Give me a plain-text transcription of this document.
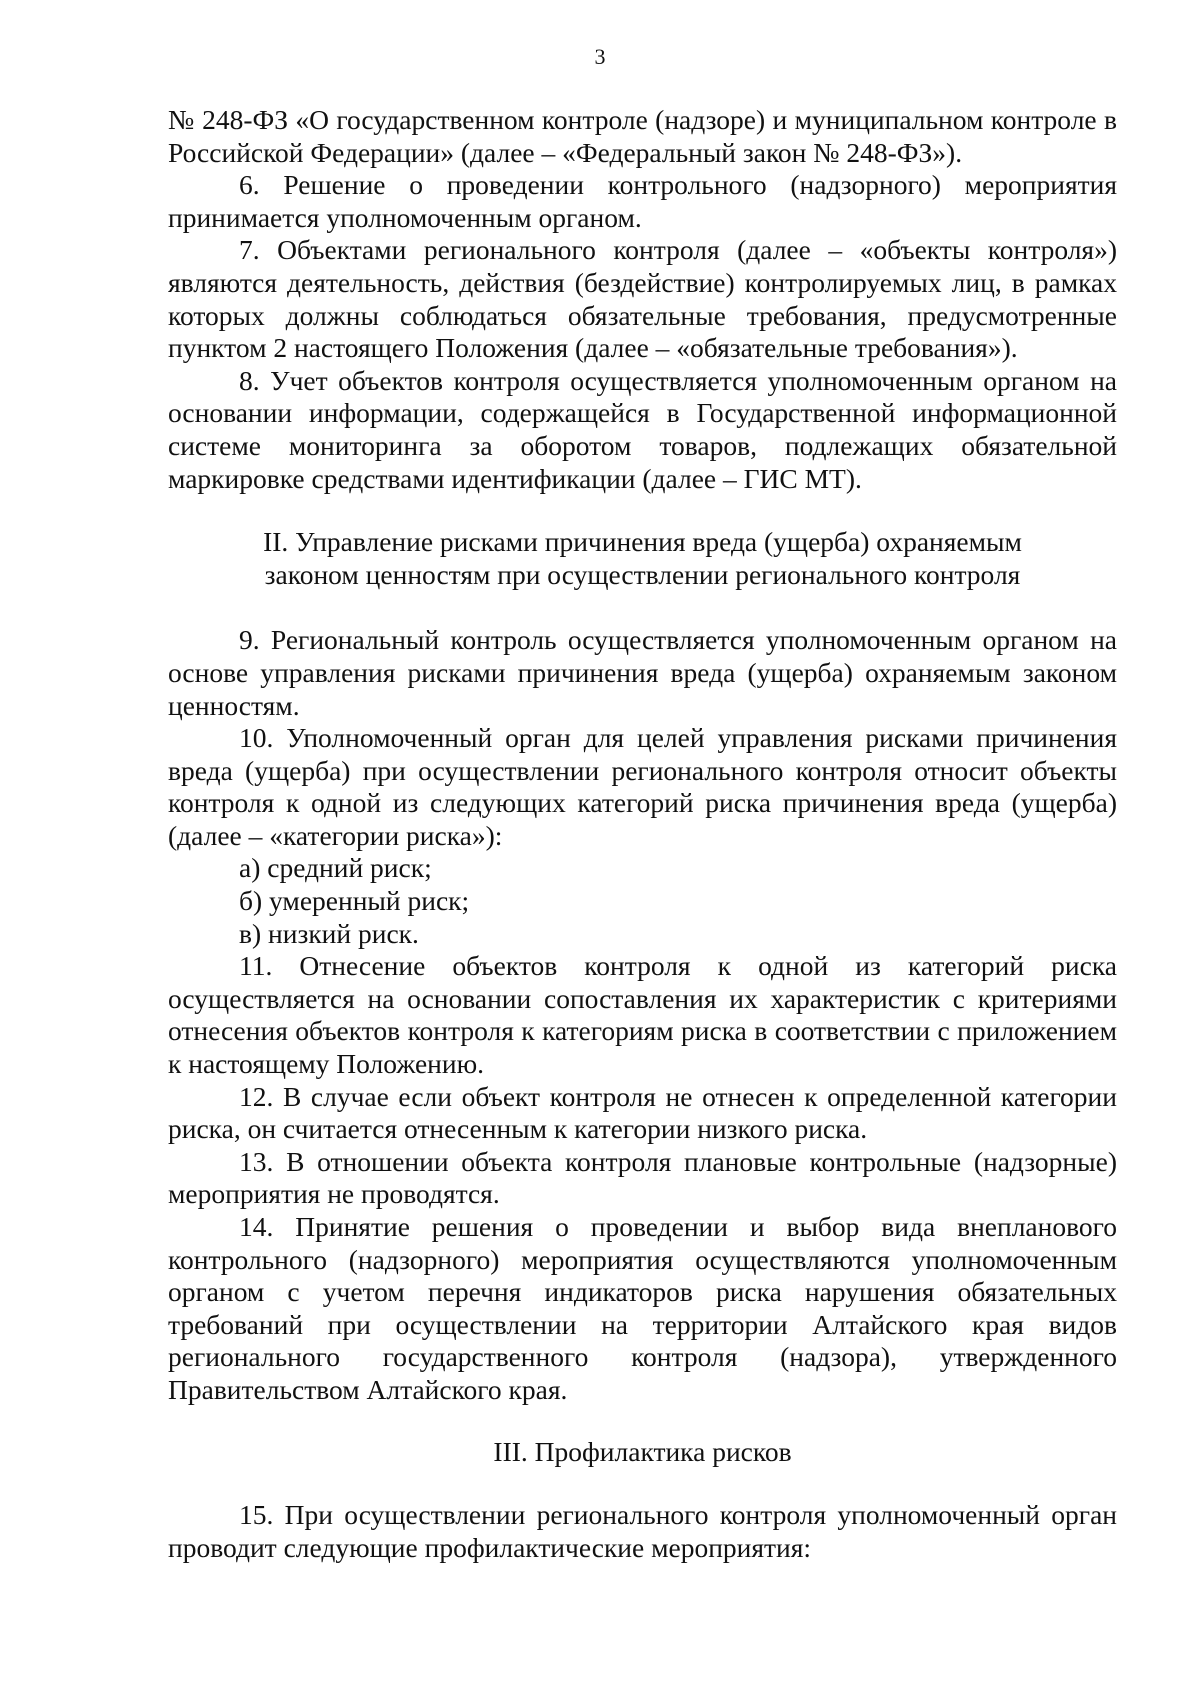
3

№ 248-ФЗ «О государственном контроле (надзоре) и муниципальном контроле в Российской Федерации» (далее – «Федеральный закон № 248-ФЗ»).

6. Решение о проведении контрольного (надзорного) мероприятия принимается уполномоченным органом.

7. Объектами регионального контроля (далее – «объекты контроля») являются деятельность, действия (бездействие) контролируемых лиц, в рамках которых должны соблюдаться обязательные требования, предусмотренные пунктом 2 настоящего Положения (далее – «обязательные требования»).

8. Учет объектов контроля осуществляется уполномоченным органом на основании информации, содержащейся в Государственной информационной системе мониторинга за оборотом товаров, подлежащих обязательной маркировке средствами идентификации (далее – ГИС МТ).

II. Управление рисками причинения вреда (ущерба) охраняемым законом ценностям при осуществлении регионального контроля

9. Региональный контроль осуществляется уполномоченным органом на основе управления рисками причинения вреда (ущерба) охраняемым законом ценностям.

10. Уполномоченный орган для целей управления рисками причинения вреда (ущерба) при осуществлении регионального контроля относит объекты контроля к одной из следующих категорий риска причинения вреда (ущерба) (далее – «категории риска»):

а) средний риск;

б) умеренный риск;

в) низкий риск.

11. Отнесение объектов контроля к одной из категорий риска осуществляется на основании сопоставления их характеристик с критериями отнесения объектов контроля к категориям риска в соответствии с приложением к настоящему Положению.

12. В случае если объект контроля не отнесен к определенной категории риска, он считается отнесенным к категории низкого риска.

13. В отношении объекта контроля плановые контрольные (надзорные) мероприятия не проводятся.

14. Принятие решения о проведении и выбор вида внепланового контрольного (надзорного) мероприятия осуществляются уполномоченным органом с учетом перечня индикаторов риска нарушения обязательных требований при осуществлении на территории Алтайского края видов регионального государственного контроля (надзора), утвержденного Правительством Алтайского края.

III. Профилактика рисков

15. При осуществлении регионального контроля уполномоченный орган проводит следующие профилактические мероприятия:
